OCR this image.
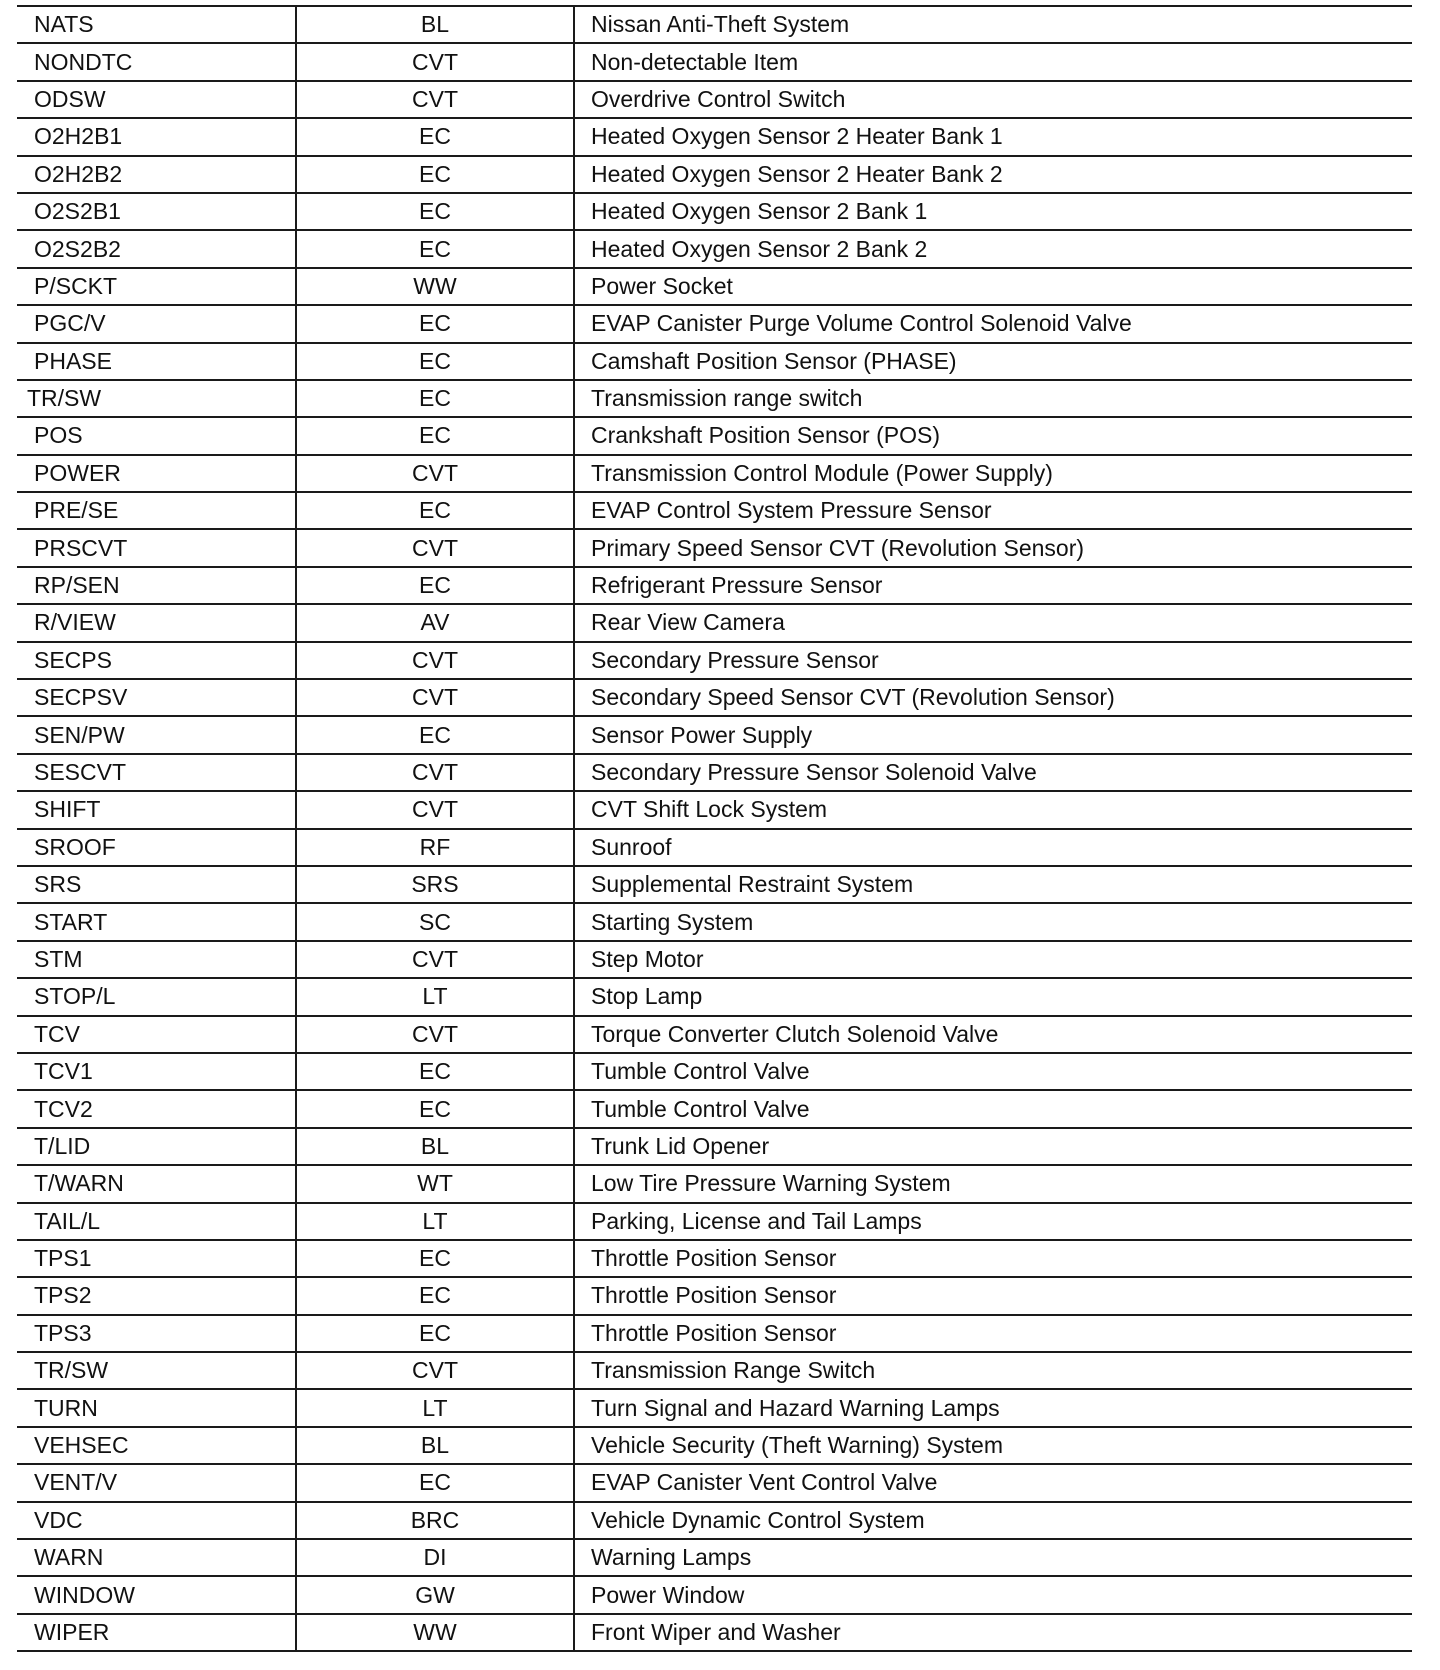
NATS	BL	Nissan Anti-Theft System
NONDTC	CVT	Non-detectable Item
ODSW	CVT	Overdrive Control Switch
O2H2B1	EC	Heated Oxygen Sensor 2 Heater Bank 1
O2H2B2	EC	Heated Oxygen Sensor 2 Heater Bank 2
O2S2B1	EC	Heated Oxygen Sensor 2 Bank 1
O2S2B2	EC	Heated Oxygen Sensor 2 Bank 2
P/SCKT	WW	Power Socket
PGC/V	EC	EVAP Canister Purge Volume Control Solenoid Valve
PHASE	EC	Camshaft Position Sensor (PHASE)
TR/SW	EC	Transmission range switch
POS	EC	Crankshaft Position Sensor (POS)
POWER	CVT	Transmission Control Module (Power Supply)
PRE/SE	EC	EVAP Control System Pressure Sensor
PRSCVT	CVT	Primary Speed Sensor CVT (Revolution Sensor)
RP/SEN	EC	Refrigerant Pressure Sensor
R/VIEW	AV	Rear View Camera
SECPS	CVT	Secondary Pressure Sensor
SECPSV	CVT	Secondary Speed Sensor CVT (Revolution Sensor)
SEN/PW	EC	Sensor Power Supply
SESCVT	CVT	Secondary Pressure Sensor Solenoid Valve
SHIFT	CVT	CVT Shift Lock System
SROOF	RF	Sunroof
SRS	SRS	Supplemental Restraint System
START	SC	Starting System
STM	CVT	Step Motor
STOP/L	LT	Stop Lamp
TCV	CVT	Torque Converter Clutch Solenoid Valve
TCV1	EC	Tumble Control Valve
TCV2	EC	Tumble Control Valve
T/LID	BL	Trunk Lid Opener
T/WARN	WT	Low Tire Pressure Warning System
TAIL/L	LT	Parking, License and Tail Lamps
TPS1	EC	Throttle Position Sensor
TPS2	EC	Throttle Position Sensor
TPS3	EC	Throttle Position Sensor
TR/SW	CVT	Transmission Range Switch
TURN	LT	Turn Signal and Hazard Warning Lamps
VEHSEC	BL	Vehicle Security (Theft Warning) System
VENT/V	EC	EVAP Canister Vent Control Valve
VDC	BRC	Vehicle Dynamic Control System
WARN	DI	Warning Lamps
WINDOW	GW	Power Window
WIPER	WW	Front Wiper and Washer
